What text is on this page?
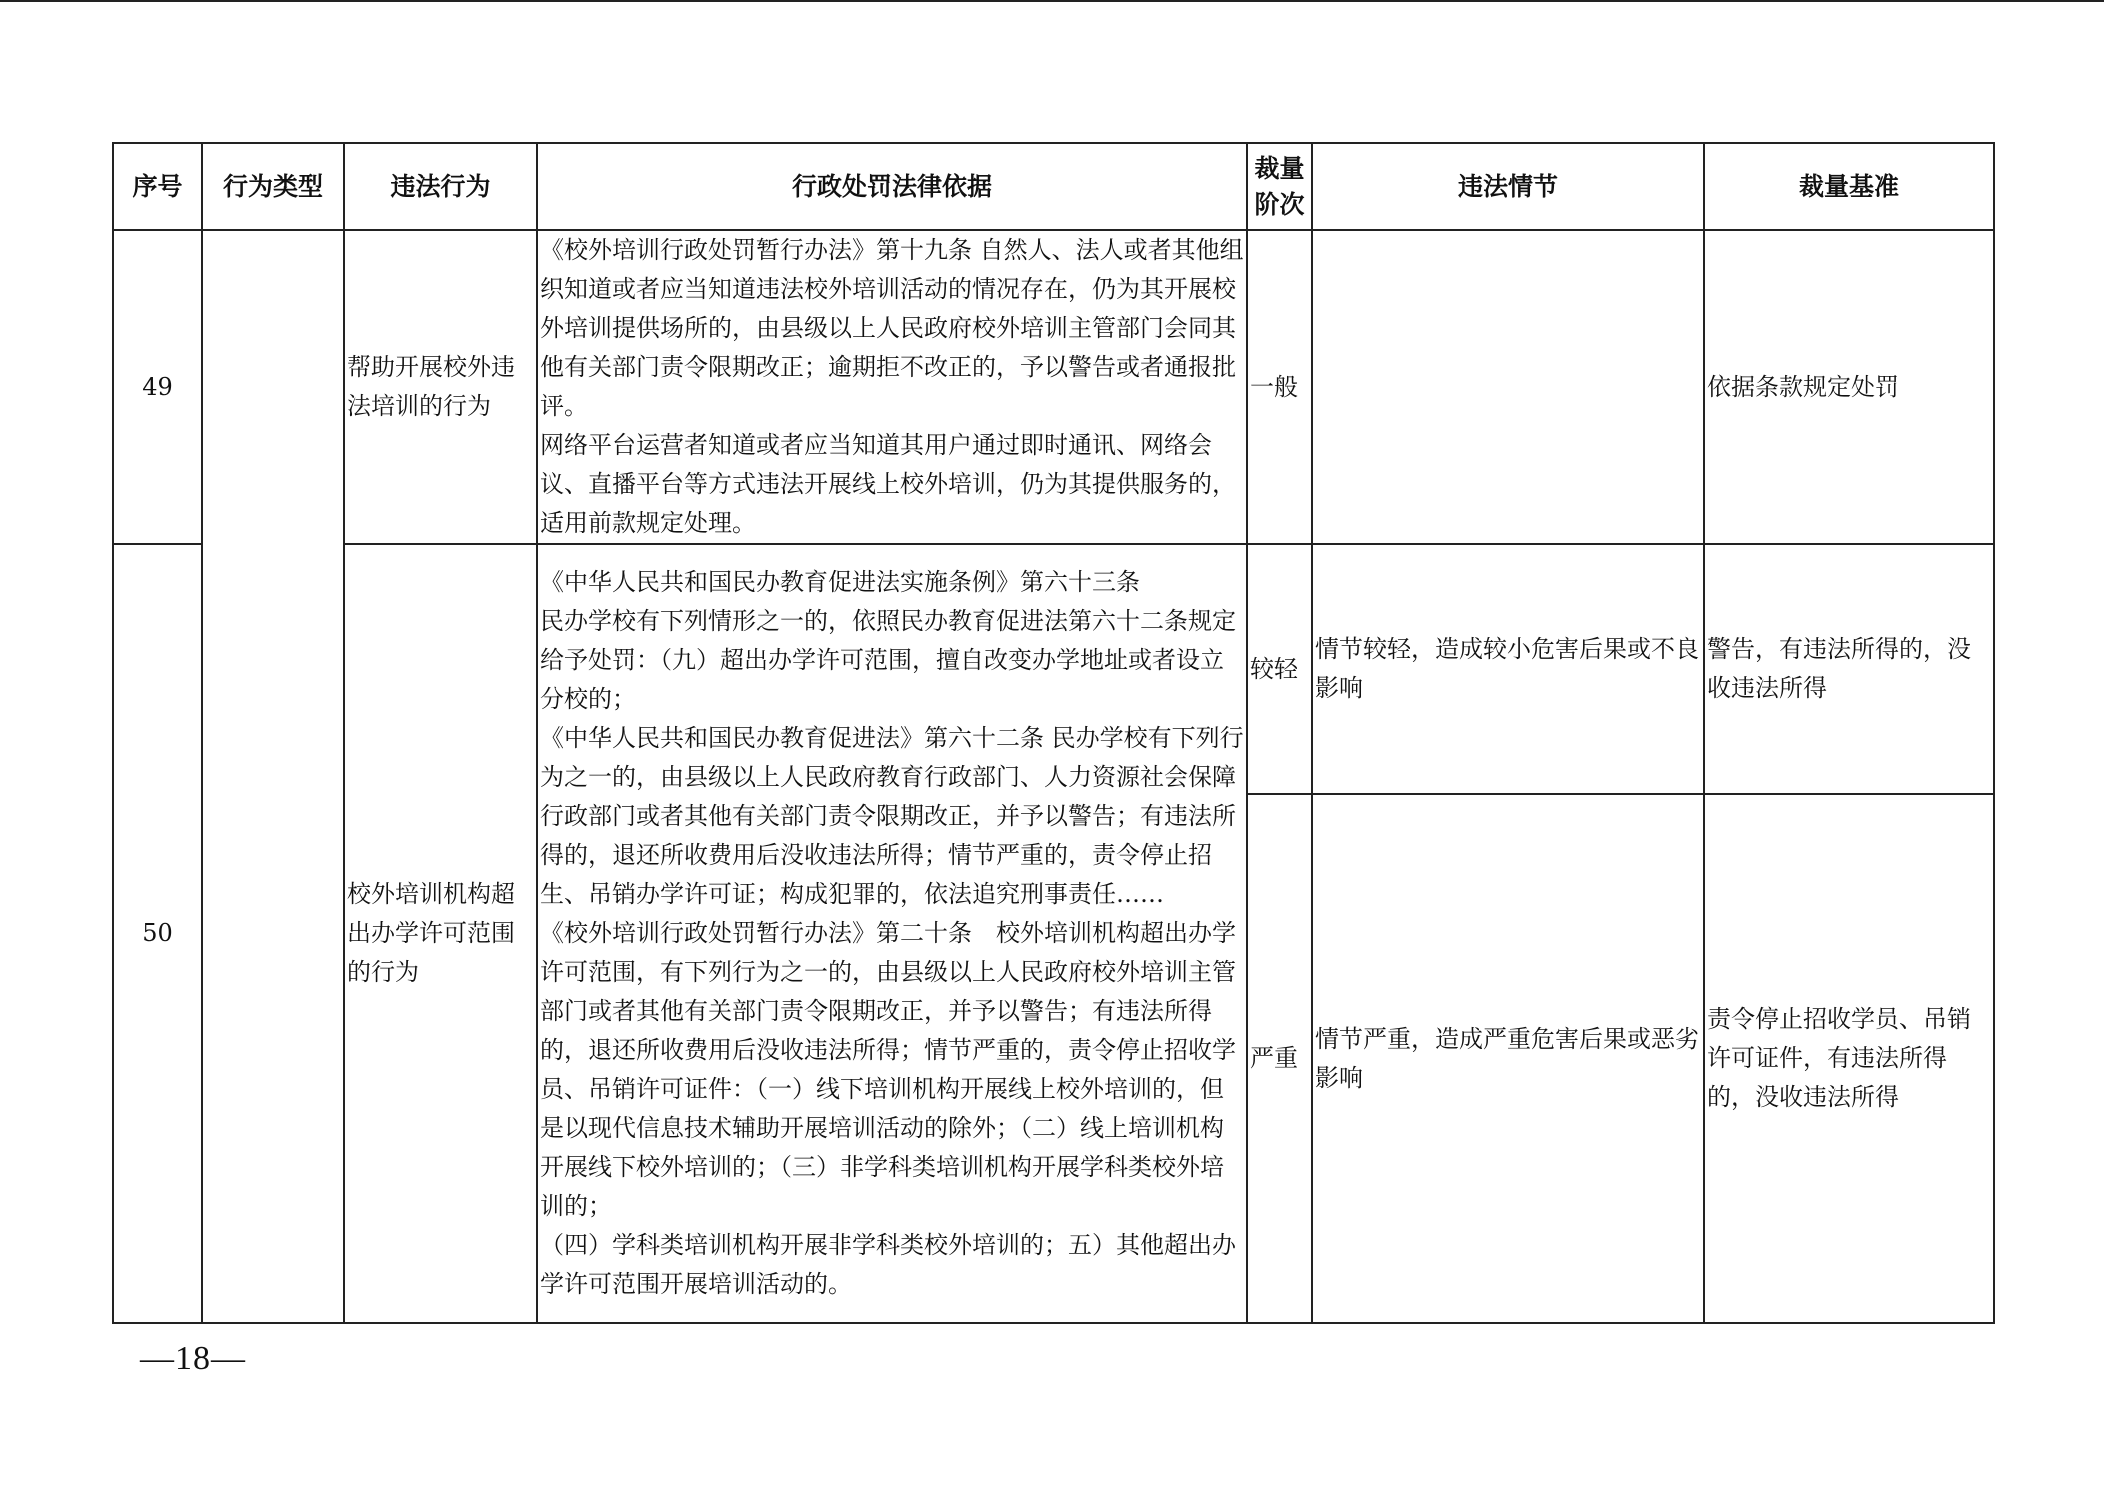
序号	行为类型	违法行为	行政处罚法律依据	裁量阶次	违法情节	裁量基准
49		帮助开展校外违法培训的行为	《校外培训行政处罚暂行办法》第十九条 自然人、法人或者其他组织知道或者应当知道违法校外培训活动的情况存在，仍为其开展校外培训提供场所的，由县级以上人民政府校外培训主管部门会同其他有关部门责令限期改正；逾期拒不改正的，予以警告或者通报批评。
网络平台运营者知道或者应当知道其用户通过即时通讯、网络会议、直播平台等方式违法开展线上校外培训，仍为其提供服务的，适用前款规定处理。	一般		依据条款规定处罚
50		校外培训机构超出办学许可范围的行为	《中华人民共和国民办教育促进法实施条例》第六十三条
民办学校有下列情形之一的，依照民办教育促进法第六十二条规定给予处罚：（九）超出办学许可范围，擅自改变办学地址或者设立分校的；
《中华人民共和国民办教育促进法》第六十二条 民办学校有下列行为之一的，由县级以上人民政府教育行政部门、人力资源社会保障行政部门或者其他有关部门责令限期改正，并予以警告；有违法所得的，退还所收费用后没收违法所得；情节严重的，责令停止招生、吊销办学许可证；构成犯罪的，依法追究刑事责任……
《校外培训行政处罚暂行办法》第二十条　校外培训机构超出办学许可范围，有下列行为之一的，由县级以上人民政府校外培训主管部门或者其他有关部门责令限期改正，并予以警告；有违法所得的，退还所收费用后没收违法所得；情节严重的，责令停止招收学员、吊销许可证件：（一）线下培训机构开展线上校外培训的，但是以现代信息技术辅助开展培训活动的除外；（二）线上培训机构开展线下校外培训的；（三）非学科类培训机构开展学科类校外培训的；
（四）学科类培训机构开展非学科类校外培训的；五）其他超出办学许可范围开展培训活动的。	较轻	情节较轻，造成较小危害后果或不良影响	警告，有违法所得的，没收违法所得
				严重	情节严重，造成严重危害后果或恶劣影响	责令停止招收学员、吊销许可证件，有违法所得的，没收违法所得
—18—
